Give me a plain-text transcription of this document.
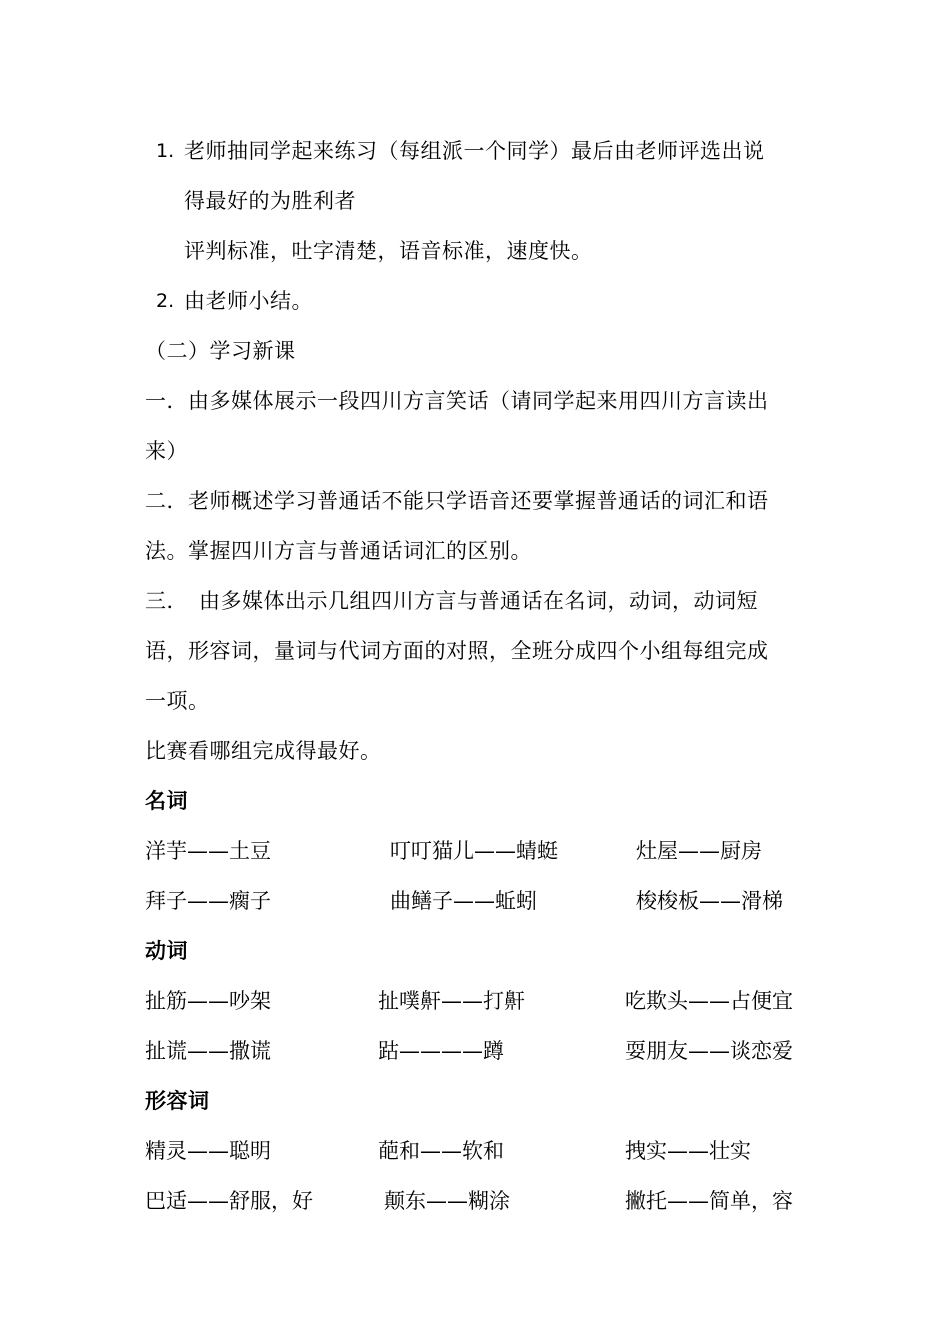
1. 老师抽同学起来练习（每组派一个同学）最后由老师评选出说
得最好的为胜利者
评判标准，吐字清楚，语音标准，速度快。
2. 由老师小结。
（二）学习新课
一．由多媒体展示一段四川方言笑话（请同学起来用四川方言读出
来）
二．老师概述学习普通话不能只学语音还要掌握普通话的词汇和语
法。掌握四川方言与普通话词汇的区别。
三．　由多媒体出示几组四川方言与普通话在名词，动词，动词短
语，形容词，量词与代词方面的对照，全班分成四个小组每组完成
一项。
比赛看哪组完成得最好。
名词
洋芋——土豆	叮叮猫儿——蜻蜓	灶屋——厨房
拜子——瘸子	曲鳝子——蚯蚓	梭梭板——滑梯
动词
扯筋——吵架	扯噗鼾——打鼾	吃欺头——占便宜
扯谎——撒谎	跍————蹲	耍朋友——谈恋爱
形容词
精灵——聪明	葩和——软和	拽实——壮实
巴适——舒服，好	颠东——糊涂	撇托——简单，容
